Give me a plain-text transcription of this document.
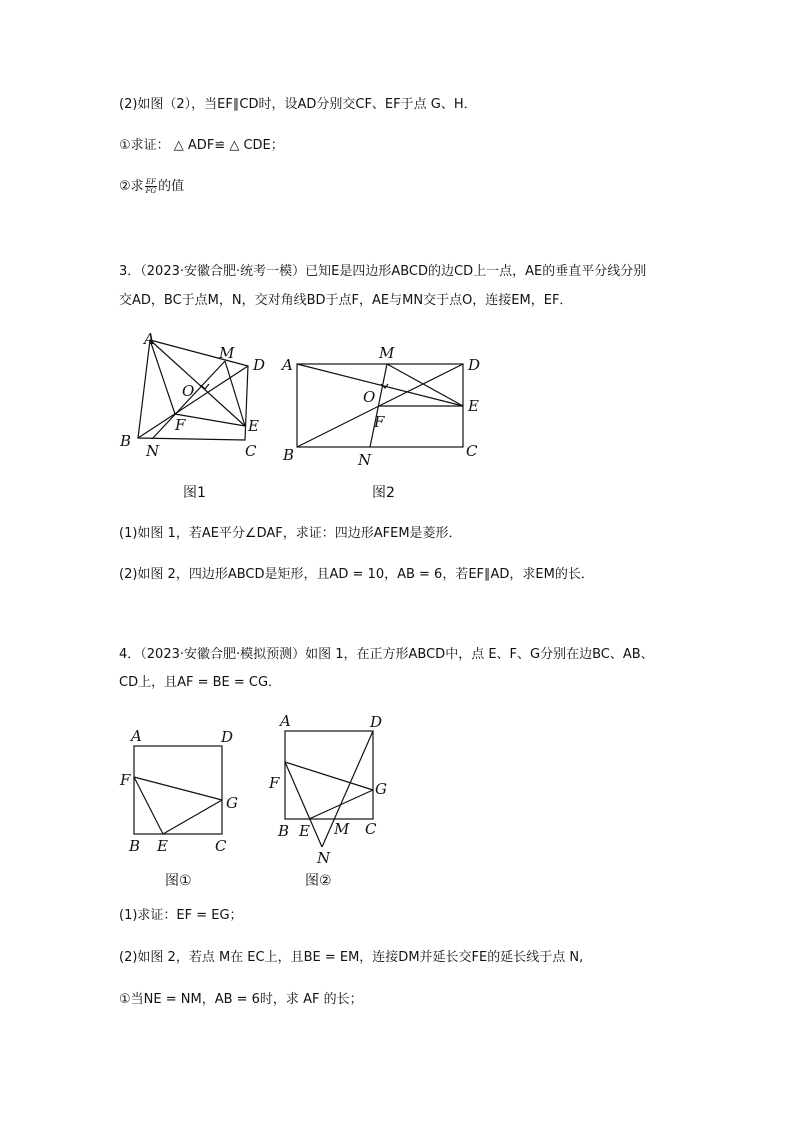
(2)如图（2），当EF∥CD时，设AD分别交CF、EF于点 G、H．
①求证： △ ADF≌ △ CDE；
②求 $\frac{EF}{FG}$ 的值
3．（2023·安徽合肥·统考一模）已知E是四边形ABCD的边CD上一点，AE的垂直平分线分别
交AD，BC于点M，N，交对角线BD于点F，AE与MN交于点O，连接EM，EF．
A
M
D
O
F	E
B
N	C
图1
A
M
D
O
F
E
B	N	C
图2
(1)如图 1，若AE平分∠DAF，求证：四边形AFEM是菱形．
(2)如图 2，四边形ABCD是矩形，且AD = 10，AB = 6，若EF∥AD，求EM的长．
4．（2023·安徽合肥·模拟预测）如图 1，在正方形ABCD中，点 E、F、G分别在边BC、AB、
CD上，且AF = BE = CG．
A	D
F
G
B E	C
图①
A	D
F	G
B E M C
N
图②
(1)求证：EF = EG；
(2)如图 2，若点 M在 EC上，且BE = EM，连接DM并延长交FE的延长线于点 N,
①当NE = NM，AB = 6时，求 AF 的长；
